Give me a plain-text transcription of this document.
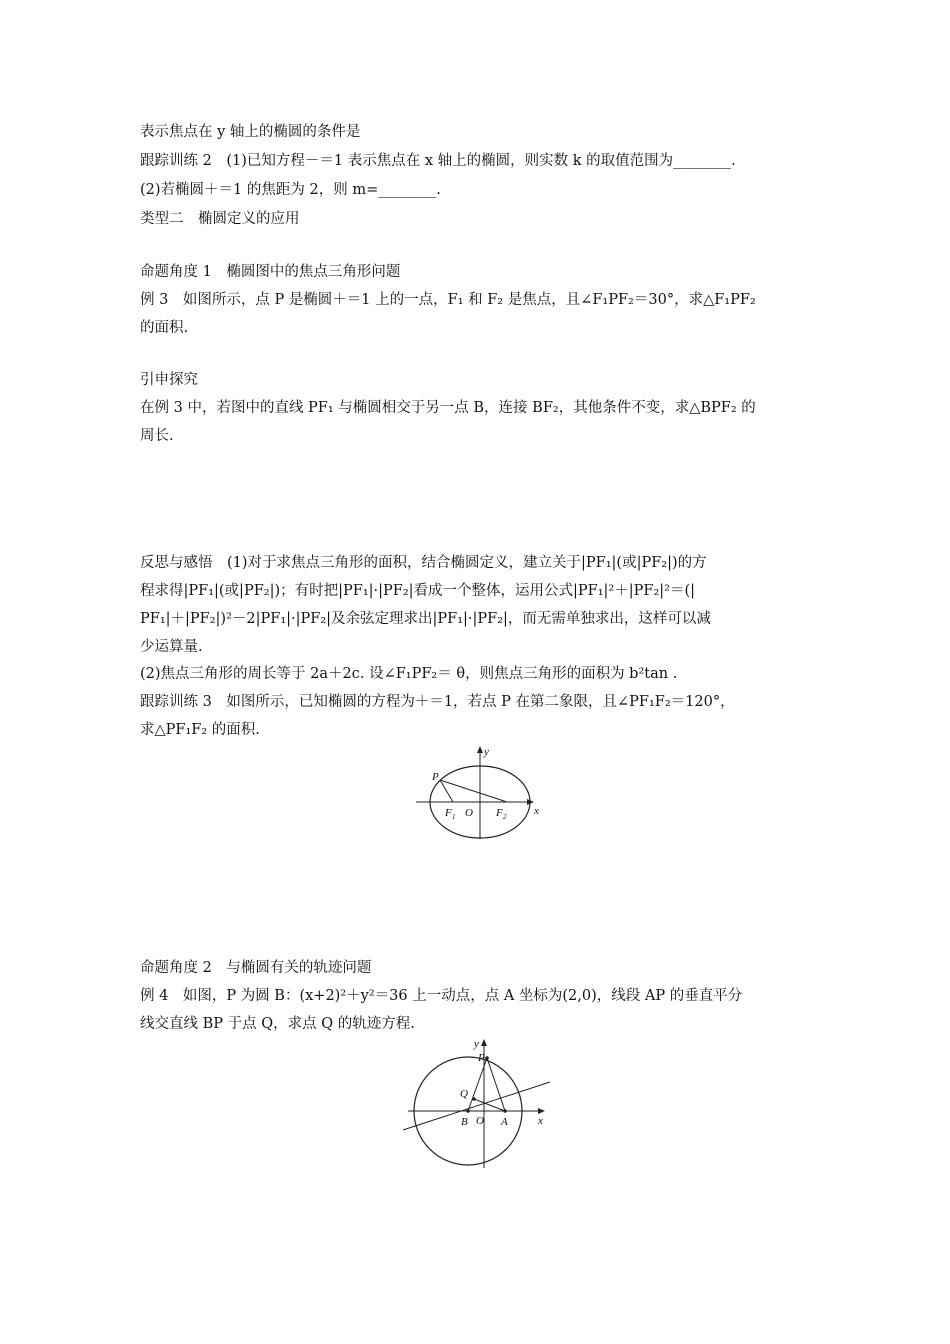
表示焦点在 y 轴上的椭圆的条件是
跟踪训练 2　(1)已知方程－＝1 表示焦点在 x 轴上的椭圆，则实数 k 的取值范围为________.
(2)若椭圆＋＝1 的焦距为 2，则 m=________.
类型二　椭圆定义的应用
命题角度 1　椭圆图中的焦点三角形问题
例 3　如图所示，点 P 是椭圆＋＝1 上的一点，F₁ 和 F₂ 是焦点，且∠F₁PF₂＝30°，求△F₁PF₂
的面积.
引申探究
在例 3 中，若图中的直线 PF₁ 与椭圆相交于另一点 B，连接 BF₂，其他条件不变，求△BPF₂ 的
周长.
反思与感悟　(1)对于求焦点三角形的面积，结合椭圆定义，建立关于|PF₁|(或|PF₂|)的方
程求得|PF₁|(或|PF₂|)；有时把|PF₁|·|PF₂|看成一个整体，运用公式|PF₁|²＋|PF₂|²＝(|
PF₁|＋|PF₂|)²－2|PF₁|·|PF₂|及余弦定理求出|PF₁|·|PF₂|，而无需单独求出，这样可以减
少运算量.
(2)焦点三角形的周长等于 2a＋2c. 设∠F₁PF₂＝ θ，则焦点三角形的面积为 b²tan .
跟踪训练 3　如图所示，已知椭圆的方程为＋＝1，若点 P 在第二象限，且∠PF₁F₂＝120°，
求△PF₁F₂ 的面积.
命题角度 2　与椭圆有关的轨迹问题
例 4　如图，P 为圆 B：(x+2)²＋y²＝36 上一动点，点 A 坐标为(2,0)，线段 AP 的垂直平分
线交直线 BP 于点 Q，求点 Q 的轨迹方程.
y
x
P
F 1 O F 2
y
x
P
Q
B O A
